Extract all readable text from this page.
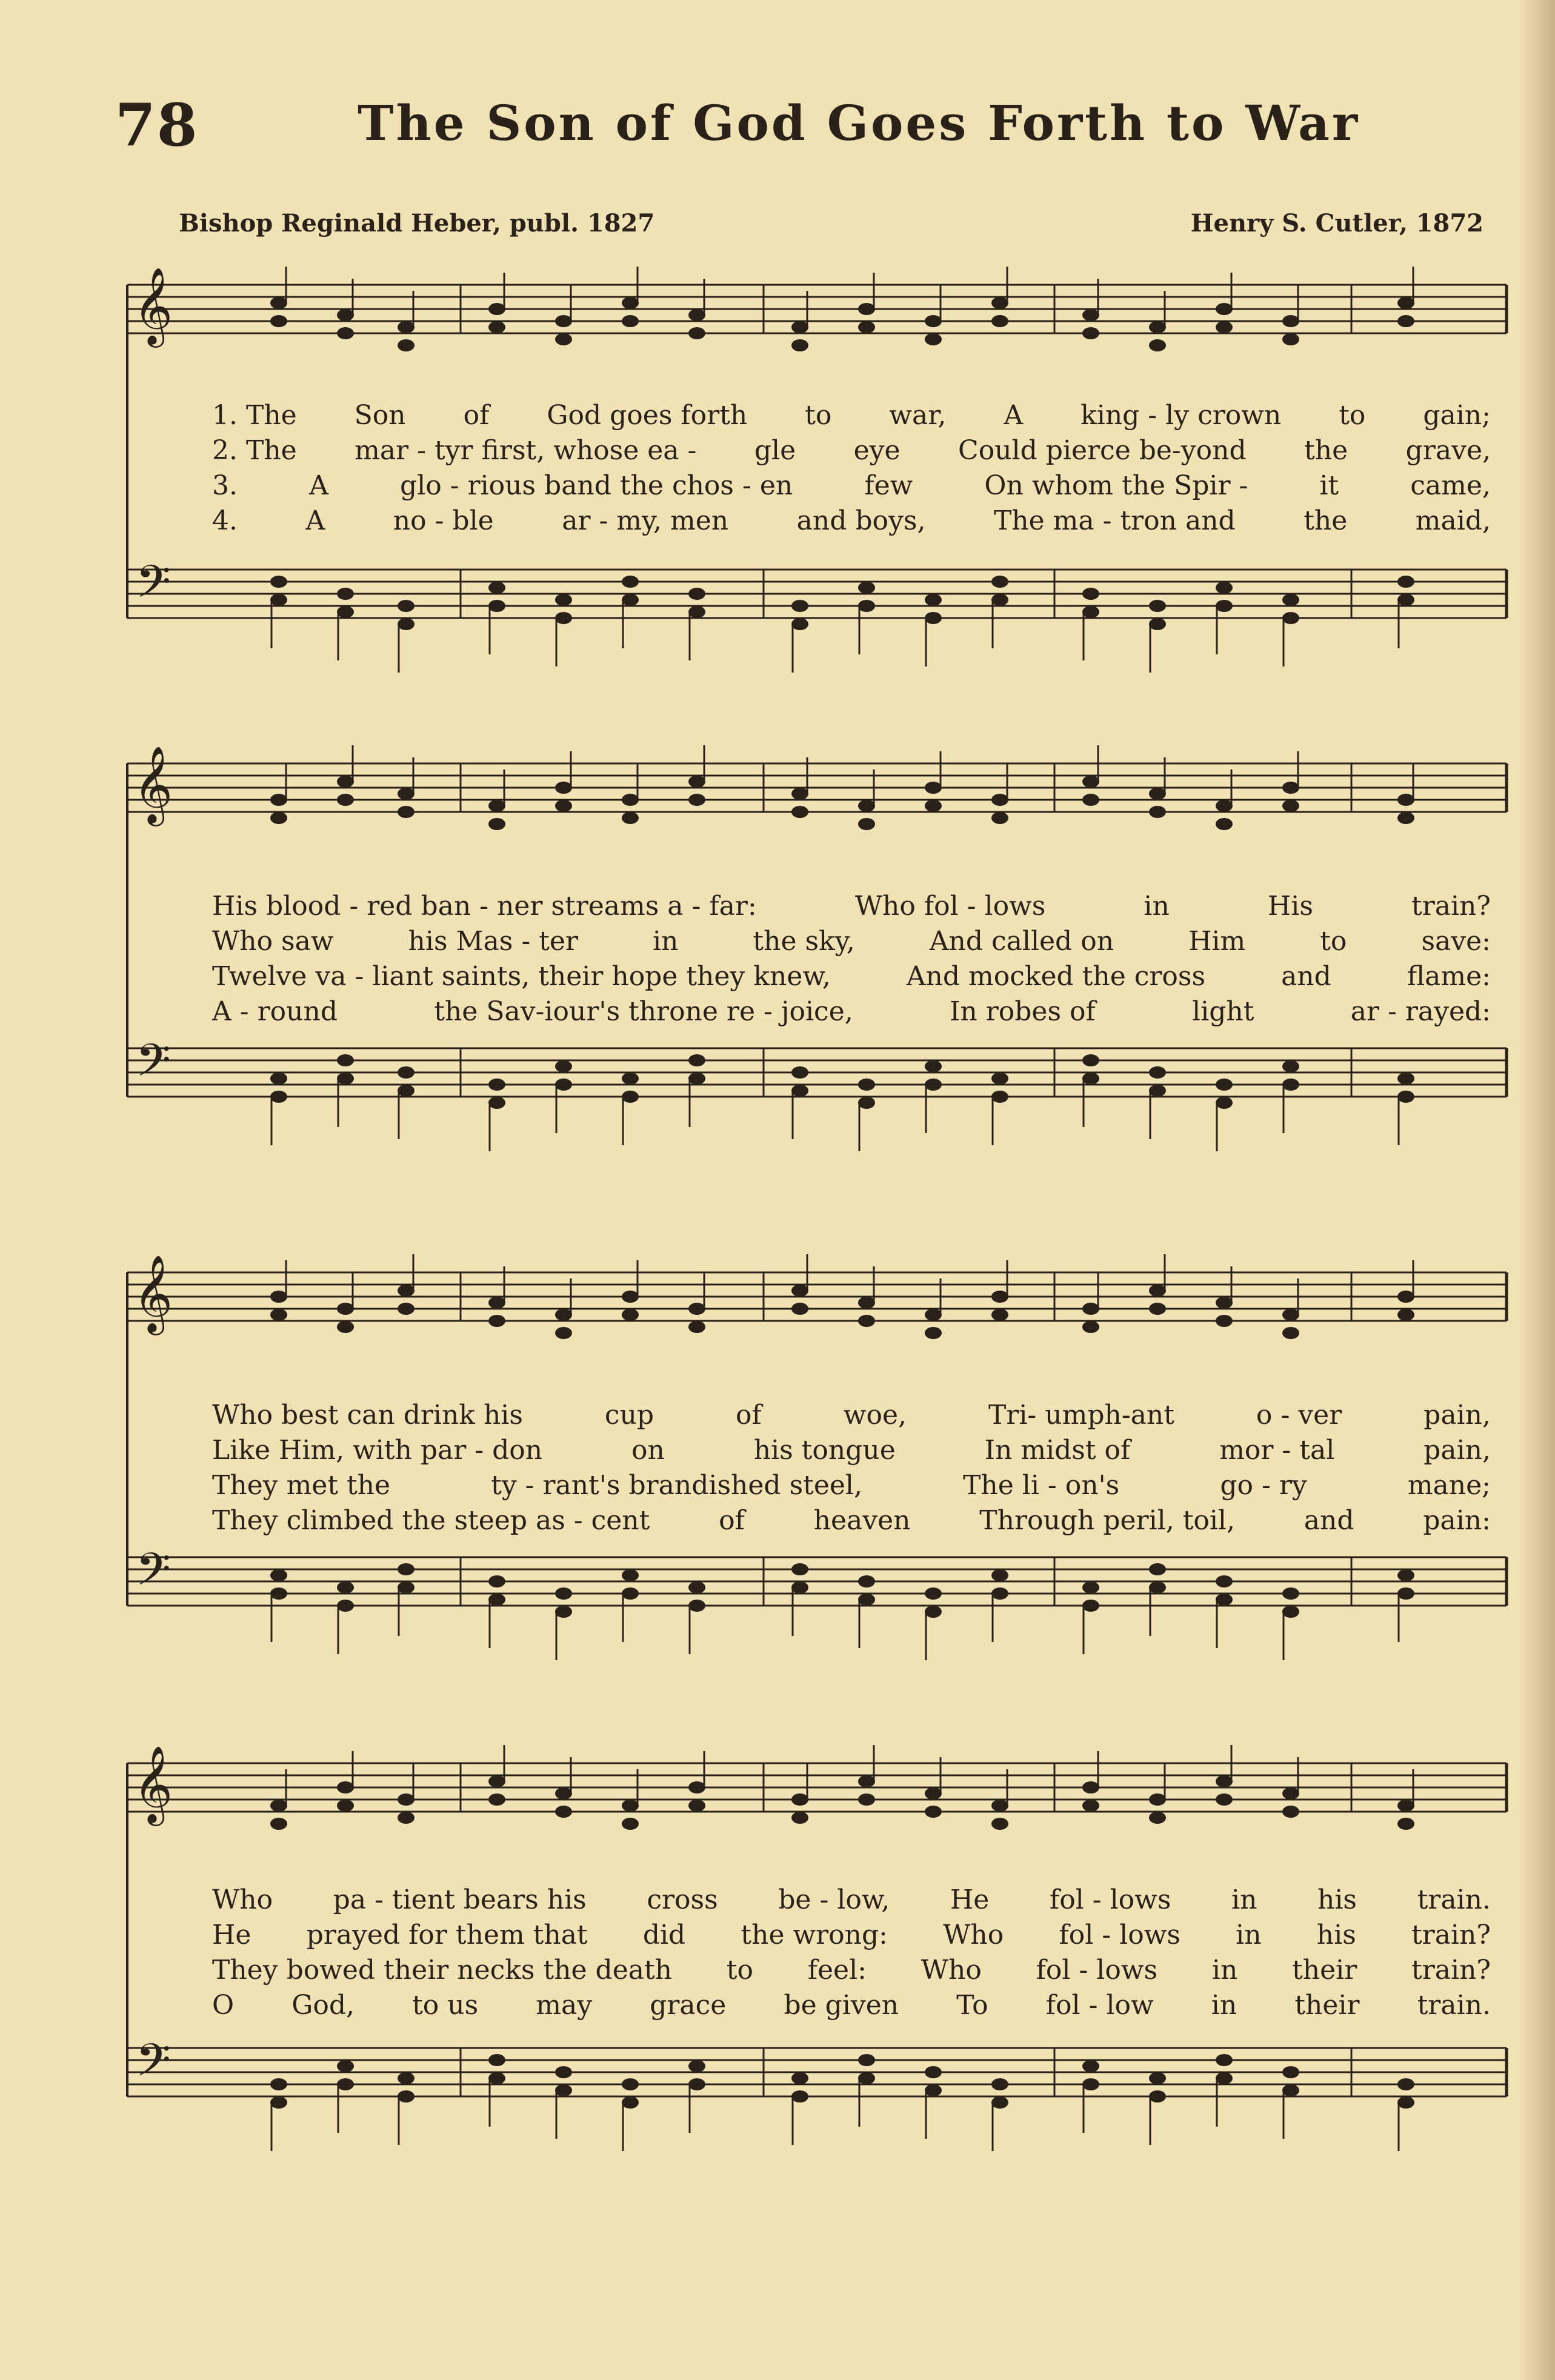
78	The Son of God Goes Forth to War
Bishop Reginald Heber, publ. 1827	Henry S. Cutler, 1872
𝄞
𝄢
1. The Son of God goes forth to war, A king - ly crown to gain;
2. The mar - tyr first, whose ea - gle eye Could pierce be-yond the grave,
3.	A	glo - rious band the chos - en	few	On whom the Spir -	it	came,
4.	A	no - ble	ar - my, men	and boys,	The ma - tron and	the	maid,
𝄞
𝄢
His blood - red ban - ner streams a - far:	Who fol - lows	in	His	train?
Who saw	his Mas - ter	in	the sky,	And called on	Him	to	save:
Twelve va - liant saints, their hope they knew,	And mocked the cross	and	flame:
A - round	the Sav-iour's throne re - joice,	In robes of	light	ar - rayed:
𝄞
𝄢
Who best can drink his	cup	of	woe,	Tri- umph-ant	o - ver	pain,
Like Him, with par - don	on	his tongue	In midst of	mor - tal	pain,
They met the	ty - rant's brandished steel,	The li - on's	go - ry	mane;
They climbed the steep as - cent	of	heaven	Through peril, toil,	and	pain:
𝄞
𝄢
Who pa - tient bears his cross be - low, He fol - lows in his train.
He prayed for them that did the wrong: Who fol - lows in his train?
They bowed their necks the death to feel: Who fol - lows in their train?
O God, to us may grace be given To fol - low in their train.
